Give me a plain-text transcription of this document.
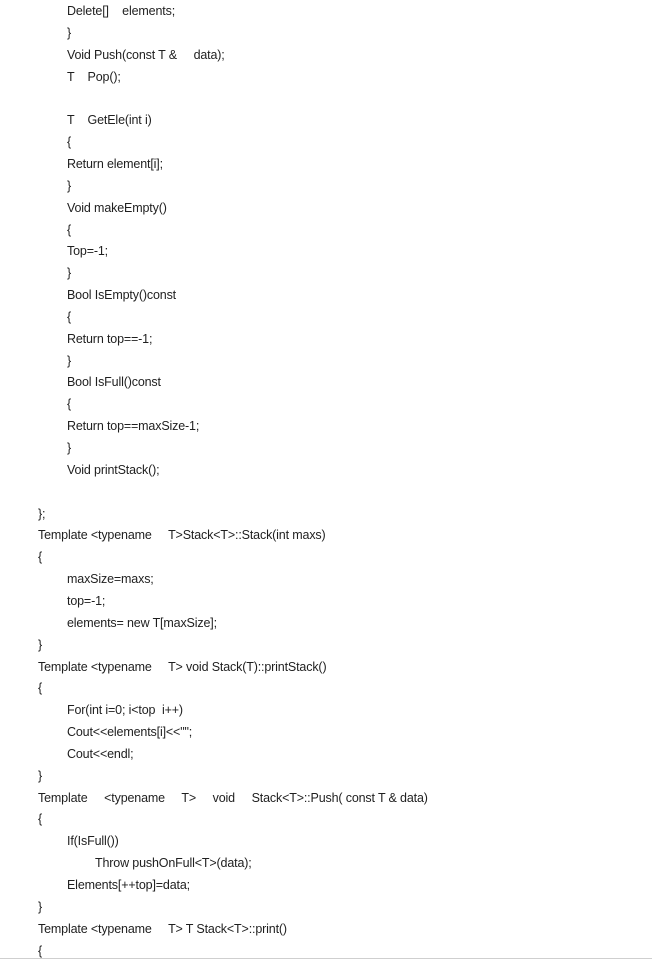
Delete[]    elements;
}
Void Push(const T &     data);
T    Pop();
T    GetEle(int i)
{
Return element[i];
}
Void makeEmpty()
{
Top=-1;
}
Bool IsEmpty()const
{
Return top==-1;
}
Bool IsFull()const
{
Return top==maxSize-1;
}
Void printStack();
};
Template <typename     T>Stack<T>::Stack(int maxs)
{
maxSize=maxs;
top=-1;
elements= new T[maxSize];
}
Template <typename     T> void Stack(T)::printStack()
{
For(int i=0; i<top  i++)
Cout<<elements[i]<<"";
Cout<<endl;
}
Template     <typename     T>     void     Stack<T>::Push( const T & data)
{
If(IsFull())
Throw pushOnFull<T>(data);
Elements[++top]=data;
}
Template <typename     T> T Stack<T>::print()
{
